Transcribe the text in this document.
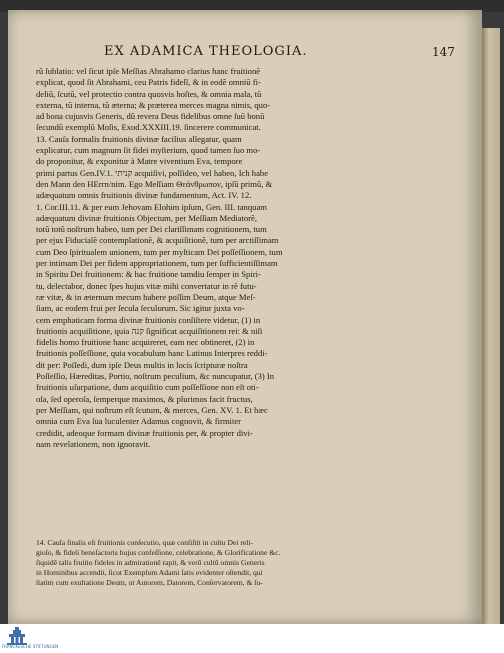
EX ADAMICA THEOLOGIA.	147
rũ ſublatio: vel ſicut ipſe Meſſias Abrahamo clarius hanc fruitionẽ
explicat, quod ſit Abrahami, ceu Patris fidelĩ, & in eodẽ omniũ fi-
deliũ, ſcutũ, vel protectio contra quosvis hoſtes, & omnia mala, tũ
externa, tũ interna, tũ æterna; & præterea merces magna nimis, quo-
ad bona cujusvis Generis, dũ revera Deus fidelibus omne ſuũ bonũ
ſecundũ exemplũ Moſis, Exod.XXXIII.19. ſincerere communicat.
13. Cauſa formalis fruitionis divinæ facilius allegatur, quam
explicatur, cum magnum ſit fidei myſterium, quod tamen ſuo mo-
do proponitur, & exponitur à Matre viventium Eva, tempore
primi partus Gen.IV.1. קניתי acquiſivi, poſſideo, vel habeo, Ich habe
den Mann den HErrn/nim. Ego Meſſiam Θεάνθρωπον, ipſũ primũ, &
adæquatum omnis fruitionis divinæ fundamentum, Act. IV. 12.
1. Cor.III.11. & per eum Jehovam Elohim ipſum, Gen. III. tanquam
adæquatum divinæ fruitionis Objectum, per Meſſiam Mediatorẽ,
totũ totũ noſtrum habeo, tum per Dei clariſſimam cognitionem, tum
per ejus Fiducialẽ contemplationẽ, & acquiſitionẽ, tum per arctiſſimam
cum Deo ſpiritualem unionem, tum per myſticam Dei poſſeſſionem, tum
per intimam Dei per fidem appropriationem, tum per ſufficientiſſimam
in Spiritu Dei fruitionem: & hac fruitione tamdiu ſemper in Spiri-
tu, delectabor, donec ſpes hujus vitæ mihi convertatur in rẽ futu-
ræ vitæ, & in æternum mecum habere poſſim Deum, atque Meſ-
ſiam, ac eodem frui per ſecula ſeculorum. Sic igitur juxta vo-
cem emphaticam forma divinæ fruitionis conſiſtere videtur, (1) in
fruitionis acquiſitione, quia קנה ſignificat acquiſitionem rei: & niſi
fidelis homo fruitione hanc acquireret, eam nec obtineret, (2) in
fruitionis poſſeſſione, quia vocabulum hanc Latinus Interpres reddi-
dit per: Poſſedi, dum ipſe Deus multis in locis ſcripturæ noſtra
Poſſeſſio, Hæreditas, Portio, noſtrum peculium, &c nuncupatur, (3) In
fruitionis uſurpatione, dum acquiſitio cum poſſeſſione non eſt oti-
oſa, ſed operoſa, ſemperque maximos, & plurimos facit fructus,
per Meſſiam, qui noſtrum eſt ſcutum, & merces, Gen. XV. 1. Et hæc
omnia cum Eva ſua luculenter Adamus cognovit, & firmiter
credidit, adeoque formam divinæ fruitionis per, & propter divi-
nam revelationem, non ignoravit.
14. Cauſa finalis eſt fruitionis conſecutio, quæ conſiſtit in cultu Dei reli-
gioſo, & fideli beneſactoris hujus confeſſione, celebratione, & Glorificatione &c.
ſiquidẽ talis fruitio fideles in admirationẽ rapit, & verũ cultũ omnis Generis
in Hominibus accendit, ſicut Exemplum Adami ſatis evidenter oſtendit, qui
ſtatim cum exultatione Deum, ut Autorem, Datorem, Conſervatorem, & ſu-
FRANCKESCHE STIFTUNGEN
